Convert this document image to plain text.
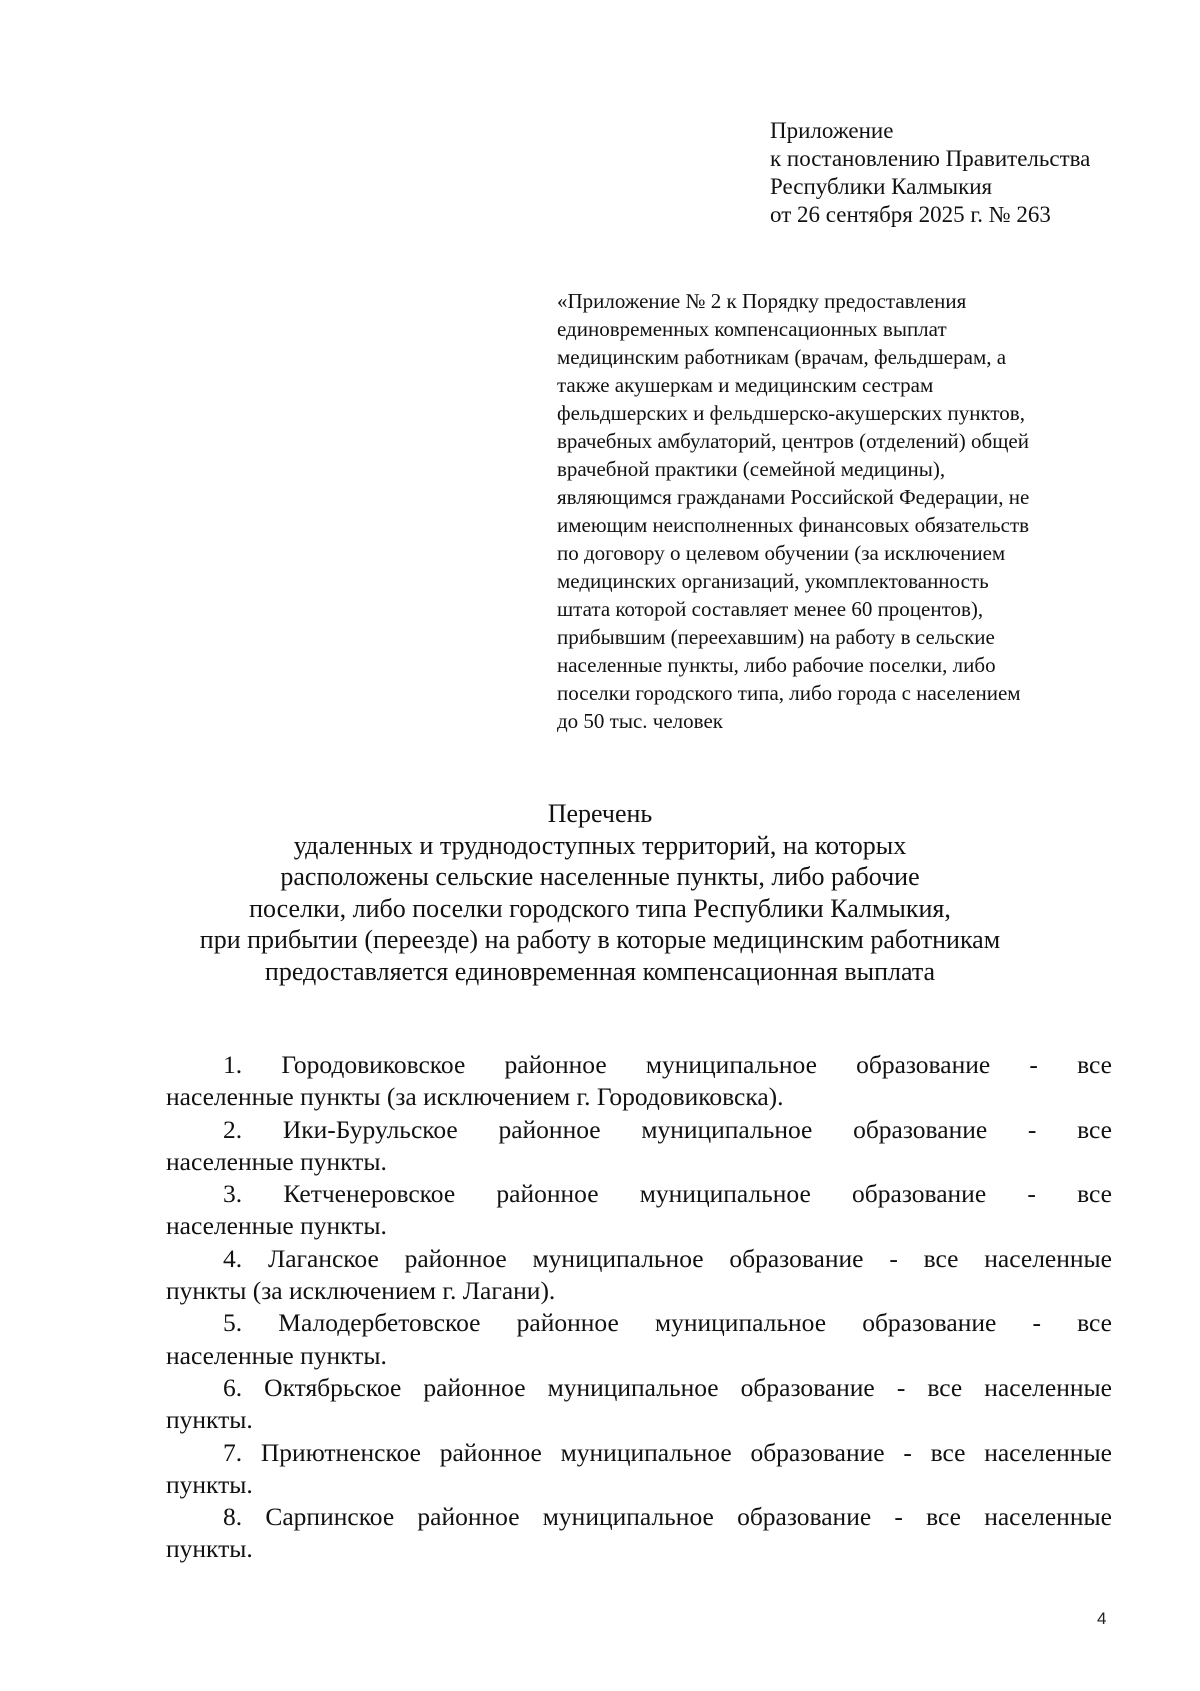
Приложение
к постановлению Правительства
Республики Калмыкия
от 26 сентября 2025 г. № 263
«Приложение № 2 к Порядку предоставления
единовременных компенсационных выплат
медицинским работникам (врачам, фельдшерам, а
также акушеркам и медицинским сестрам
фельдшерских и фельдшерско-акушерских пунктов,
врачебных амбулаторий, центров (отделений) общей
врачебной практики (семейной медицины),
являющимся гражданами Российской Федерации, не
имеющим неисполненных финансовых обязательств
по договору о целевом обучении (за исключением
медицинских организаций, укомплектованность
штата которой составляет менее 60 процентов),
прибывшим (переехавшим) на работу в сельские
населенные пункты, либо рабочие поселки, либо
поселки городского типа, либо города с населением
до 50 тыс. человек
Перечень
удаленных и труднодоступных территорий, на которых
расположены сельские населенные пункты, либо рабочие
поселки, либо поселки городского типа Республики Калмыкия,
при прибытии (переезде) на работу в которые медицинским работникам
предоставляется единовременная компенсационная выплата
1. Городовиковское районное муниципальное образование - все
населенные пункты (за исключением г. Городовиковска).
2. Ики-Бурульское районное муниципальное образование - все
населенные пункты.
3. Кетченеровское районное муниципальное образование - все
населенные пункты.
4. Лаганское районное муниципальное образование - все населенные
пункты (за исключением г. Лагани).
5. Малодербетовское районное муниципальное образование - все
населенные пункты.
6. Октябрьское районное муниципальное образование - все населенные
пункты.
7. Приютненское районное муниципальное образование - все населенные
пункты.
8. Сарпинское районное муниципальное образование - все населенные
пункты.
4
